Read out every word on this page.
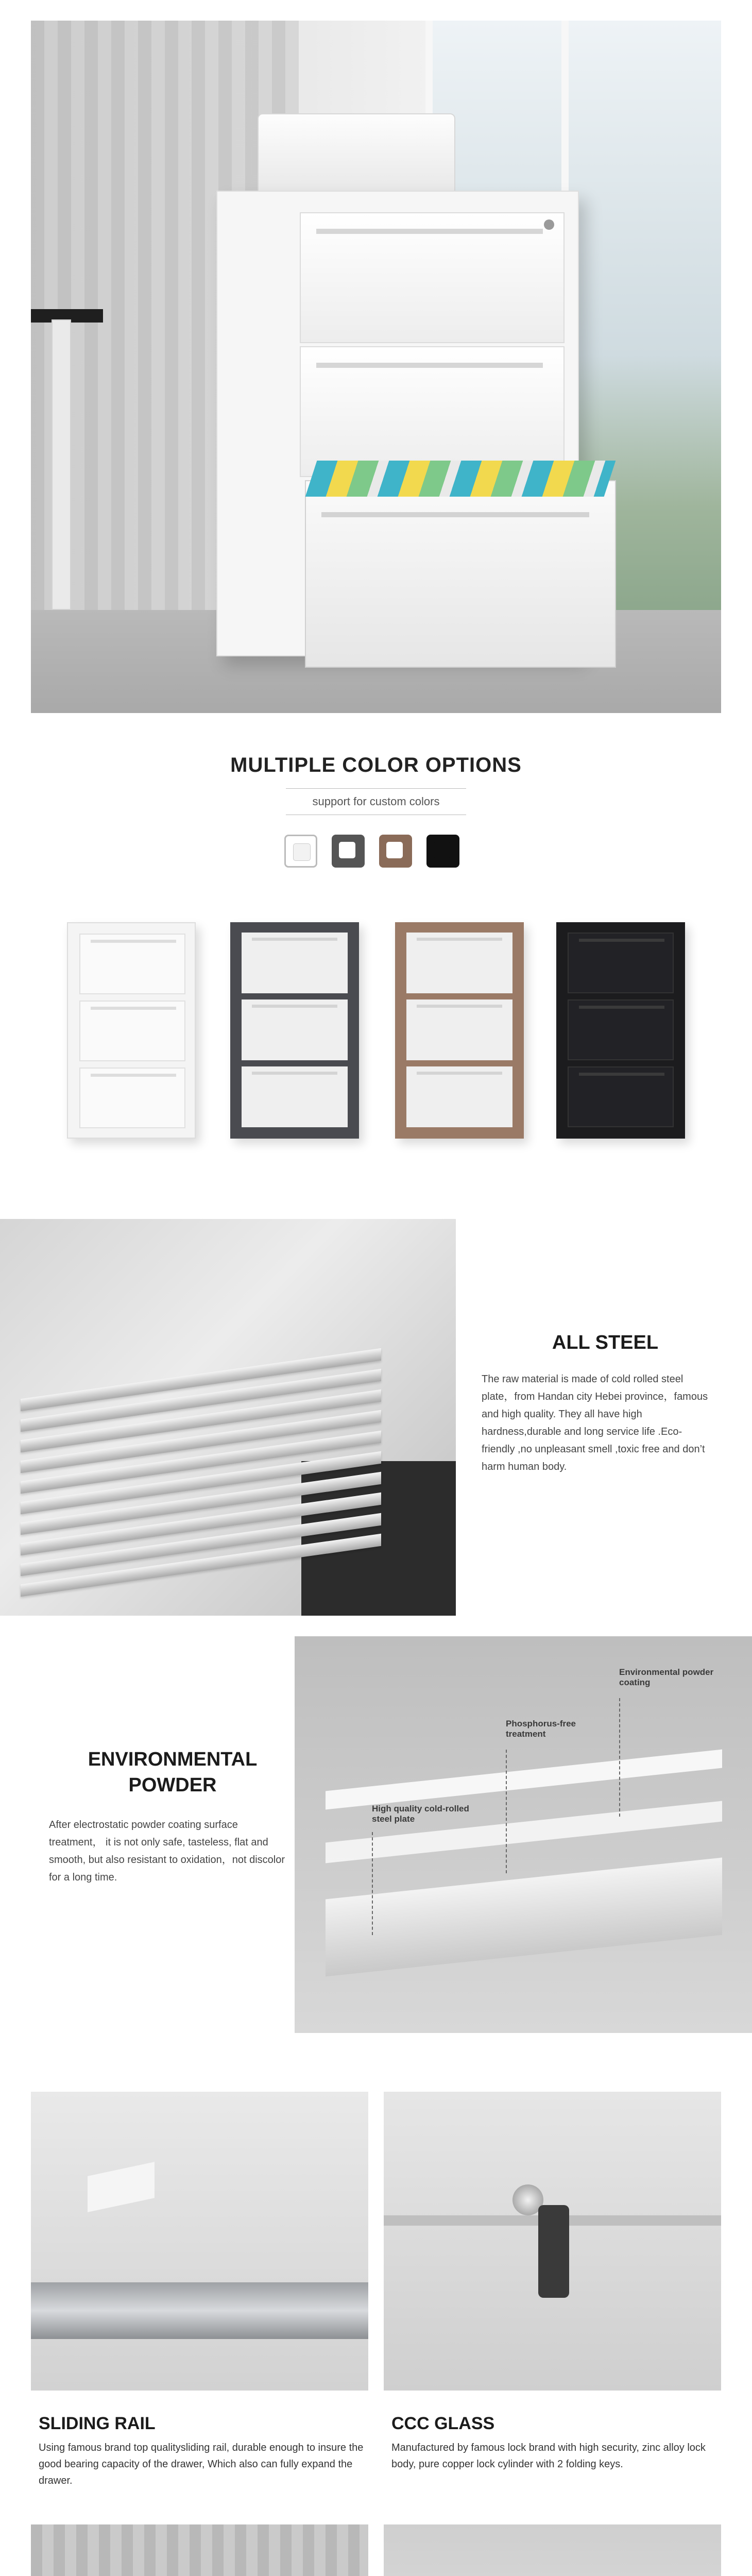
MULTIPLE COLOR OPTIONS
support for custom colors
ALL STEEL
The raw material is made of cold rolled steel plate，from Handan city Hebei province，famous and high quality. They all have high hardness,durable and long service life .Eco-friendly ,no unpleasant smell ,toxic free and don’t harm human body.
ENVIRONMENTAL
POWDER
After electrostatic powder coating surface treatment， it is not only safe, tasteless, flat and smooth, but also resistant to oxidation，not discolor for a long time.
High quality cold-rolled steel plate
Phosphorus-free treatment
Environmental powder coating
SLIDING RAIL
Using famous brand top qualitysliding rail, durable enough to insure the good bearing capacity of the drawer, Which also can fully expand the drawer.
CCC GLASS
Manufactured by famous lock brand with high security, zinc alloy lock body, pure copper lock cylinder with 2 folding keys.
